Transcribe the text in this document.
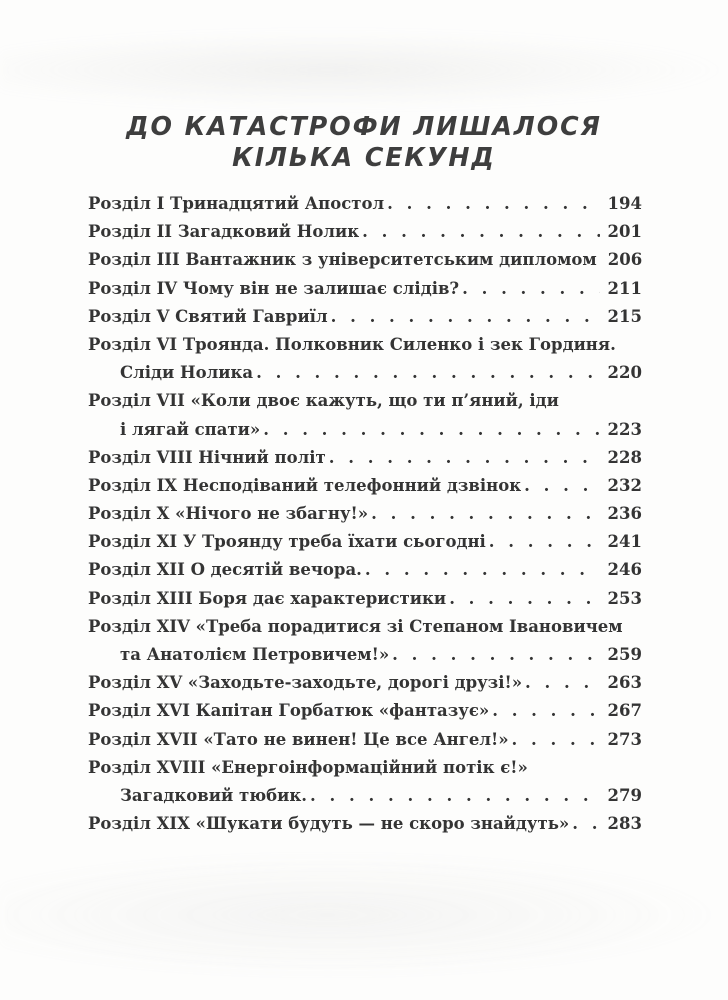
ДО КАТАСТРОФИ ЛИШАЛОСЯ
КІЛЬКА СЕКУНД
Розділ I Тринадцятий Апостол . . .	194
Розділ II Загадковий Нолик . . .	201
Розділ III Вантажник з університетським дипломом . . . 206
Розділ IV Чому він не залишає слідів? . . .	211
Розділ V Святий Гавриїл . . .	215
Розділ VI Троянда. Полковник Силенко і зек Гординя.
Сліди Нолика . . .	220
Розділ VII «Коли двоє кажуть, що ти п’яний, іди
і лягай спати» . . .	223
Розділ VIII Нічний політ . . .	228
Розділ IX Несподіваний телефонний дзвінок . . .	232
Розділ X «Нічого не збагну!» . . .	236
Розділ XI У Троянду треба їхати сьогодні . . .	241
Розділ XII О десятій вечора. . . .	246
Розділ XIII Боря дає характеристики . . .	253
Розділ XIV «Треба порадитися зі Степаном Івановичем
та Анатолієм Петровичем!» . . .	259
Розділ XV «Заходьте-заходьте, дорогі друзі!» . . .	263
Розділ XVI Капітан Горбатюк «фантазує» . . .	267
Розділ XVII «Тато не винен! Це все Ангел!» . . .	273
Розділ XVIII «Енергоінформаційний потік є!»
Загадковий тюбик. . . .	279
Розділ XIX «Шукати будуть — не скоро знайдуть» . . . 283
